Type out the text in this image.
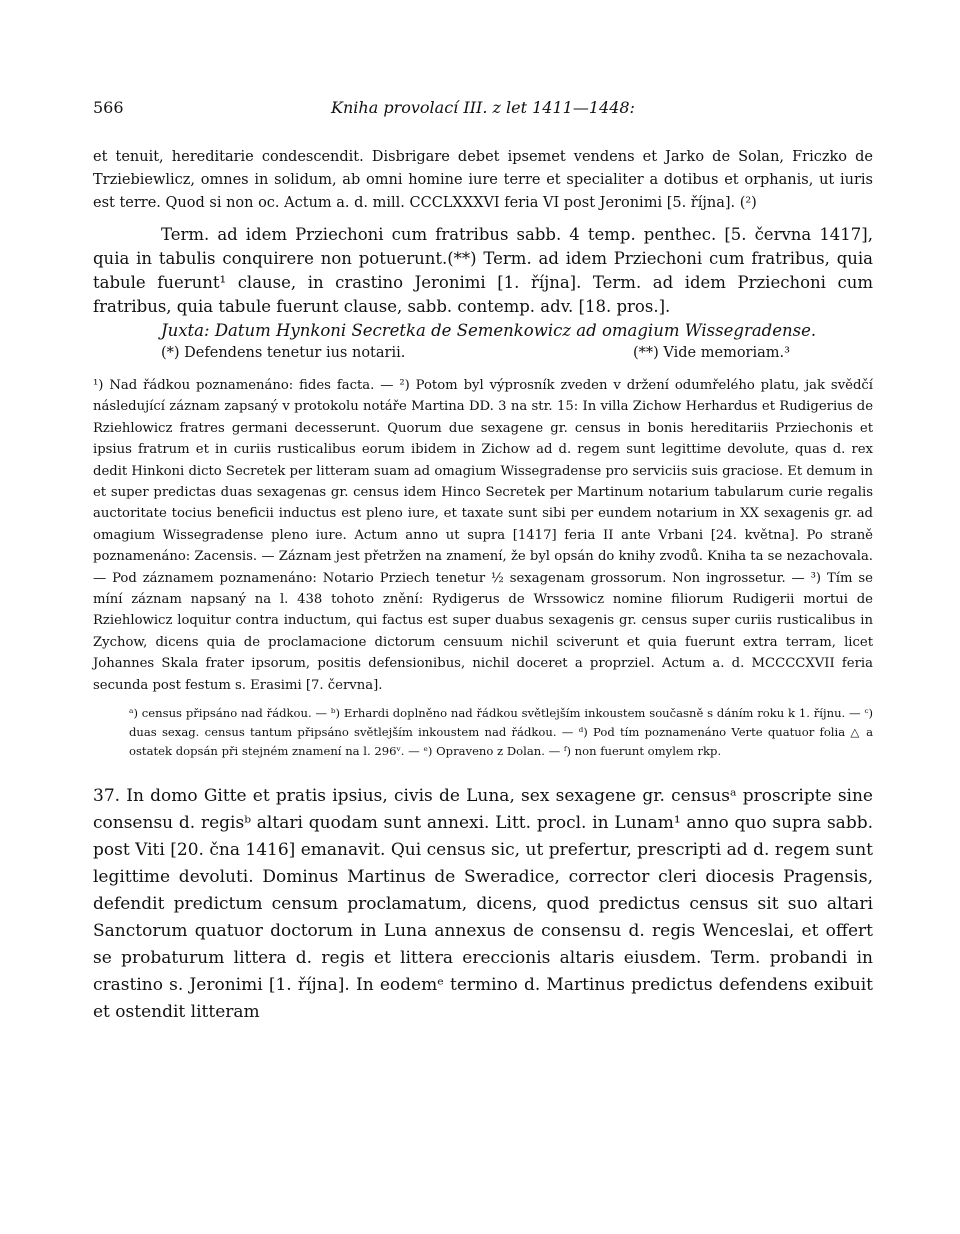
566	Kniha provolací III. z let 1411—1448:
et tenuit, hereditarie condescendit. Disbrigare debet ipsemet vendens et Jarko de Solan, Friczko de Trziebiewlicz, omnes in solidum, ab omni homine iure terre et specialiter a dotibus et orphanis, ut iuris est terre. Quod si non oc. Actum a. d. mill. CCCLXXXVI feria VI post Jeronimi [5. října]. (²)
Term. ad idem Prziechoni cum fratribus sabb. 4 temp. penthec. [5. června 1417], quia in tabulis conquirere non potuerunt.(**) Term. ad idem Prziechoni cum fratribus, quia tabule fuerunt¹ clause, in crastino Jeronimi [1. října]. Term. ad idem Prziechoni cum fratribus, quia tabule fuerunt clause, sabb. contemp. adv. [18. pros.].
Juxta: Datum Hynkoni Secretka de Semenkowicz ad omagium Wissegradense.
(*) Defendens tenetur ius notarii.	(**) Vide memoriam.³
¹) Nad řádkou poznamenáno: fides facta. — ²) Potom byl výprosník zveden v držení odumřelého platu, jak svědčí následující záznam zapsaný v protokolu notáře Martina DD. 3 na str. 15: In villa Zichow Herhardus et Rudigerius de Rziehlowicz fratres germani decesserunt. Quorum due sexagene gr. census in bonis hereditariis Prziechonis et ipsius fratrum et in curiis rusticalibus eorum ibidem in Zichow ad d. regem sunt legittime devolute, quas d. rex dedit Hinkoni dicto Secretek per litteram suam ad omagium Wissegradense pro serviciis suis graciose. Et demum in et super predictas duas sexagenas gr. census idem Hinco Secretek per Martinum notarium tabularum curie regalis auctoritate tocius beneficii inductus est pleno iure, et taxate sunt sibi per eundem notarium in XX sexagenis gr. ad omagium Wissegradense pleno iure. Actum anno ut supra [1417] feria II ante Vrbani [24. května]. Po straně poznamenáno: Zacensis. — Záznam jest přetržen na znamení, že byl opsán do knihy zvodů. Kniha ta se nezachovala. — Pod záznamem poznamenáno: Notario Prziech tenetur ½ sexagenam grossorum. Non ingrossetur. — ³) Tím se míní záznam napsaný na l. 438 tohoto znění: Rydigerus de Wrssowicz nomine filiorum Rudigerii mortui de Rziehlowicz loquitur contra inductum, qui factus est super duabus sexagenis gr. census super curiis rusticalibus in Zychow, dicens quia de proclamacione dictorum censuum nichil sciverunt et quia fuerunt extra terram, licet Johannes Skala frater ipsorum, positis defensionibus, nichil doceret a proprziel. Actum a. d. MCCCCXVII feria secunda post festum s. Erasimi [7. června].
ᵃ) census připsáno nad řádkou. — ᵇ) Erhardi doplněno nad řádkou světlejším inkoustem současně s dáním roku k 1. říjnu. — ᶜ) duas sexag. census tantum připsáno světlejším inkoustem nad řádkou. — ᵈ) Pod tím poznamenáno Verte quatuor folia △ a ostatek dopsán při stejném znamení na l. 296ᵛ. — ᵉ) Opraveno z Dolan. — ᶠ) non fuerunt omylem rkp.
37. In domo Gitte et pratis ipsius, civis de Luna, sex sexagene gr. censusᵃ proscripte sine consensu d. regisᵇ altari quodam sunt annexi. Litt. procl. in Lunam¹ anno quo supra sabb. post Viti [20. čna 1416] emanavit. Qui census sic, ut prefertur, prescripti ad d. regem sunt legittime devoluti. Dominus Martinus de Sweradice, corrector cleri diocesis Pragensis, defendit predictum censum proclamatum, dicens, quod predictus census sit suo altari Sanctorum quatuor doctorum in Luna annexus de consensu d. regis Wenceslai, et offert se probaturum littera d. regis et littera ereccionis altaris eiusdem. Term. probandi in crastino s. Jeronimi [1. října]. In eodemᵉ termino d. Martinus predictus defendens exibuit et ostendit litteram
